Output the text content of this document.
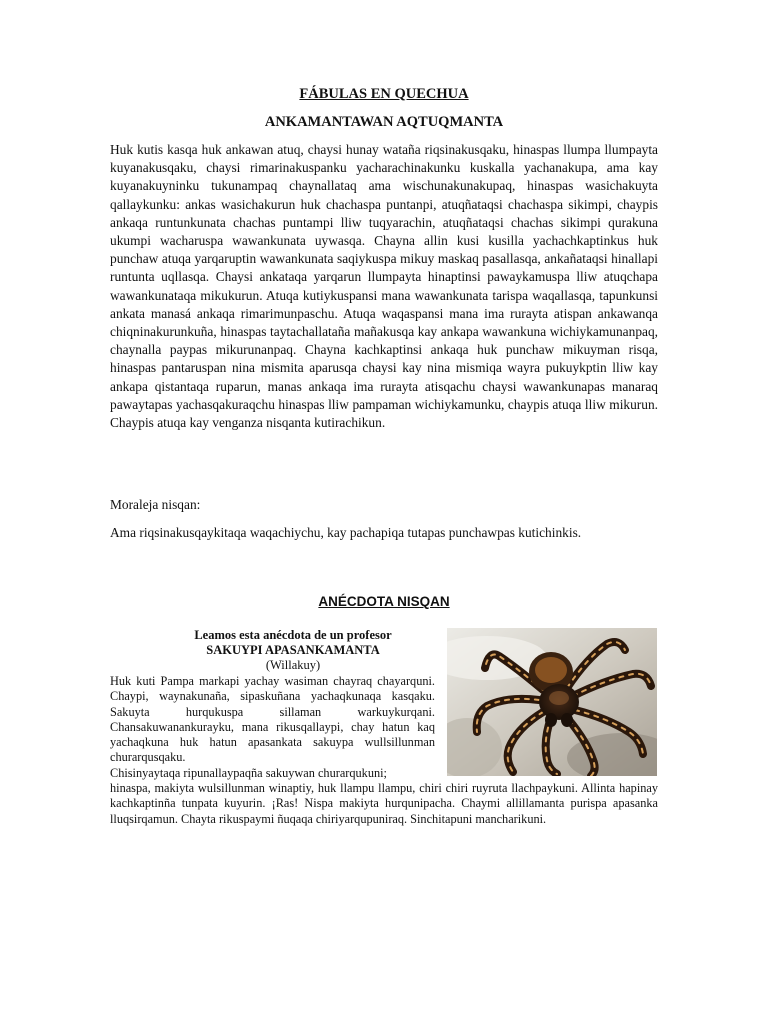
FÁBULAS EN QUECHUA
ANKAMANTAWAN AQTUQMANTA

Huk kutis kasqa huk ankawan atuq, chaysi hunay wataña riqsinakusqaku, hinaspas llumpa llumpayta kuyanakusqaku, chaysi rimarinakuspanku yacharachinakunku kuskalla yachanakupa, ama kay kuyanakuyninku tukunampaq chaynallataq ama wischunakunakupaq, hinaspas wasichakuyta qallaykunku: ankas wasichakurun huk chachaspa puntanpi, atuqñataqsi chachaspa sikimpi, chaypis ankaqa runtunkunata chachas puntampi lliw tuqyarachin, atuqñataqsi chachas sikimpi qurakuna ukumpi wacharuspa wawankunata uywasqa. Chayna allin kusi kusilla yachachkaptinkus huk punchaw atuqa yarqaruptin wawankunata saqiykuspa mikuy maskaq pasallasqa, ankañataqsi hinallapi runtunta uqllasqa. Chaysi ankataqa yarqarun llumpayta hinaptinsi pawaykamuspa lliw atuqchapa wawankunataqa mikukurun. Atuqa kutiykuspansi mana wawankunata tarispa waqallasqa, tapunkunsi ankata manasá ankaqa rimarimunpaschu. Atuqa waqaspansi mana ima rurayta atispan ankawanqa chiqninakurunkuña, hinaspas taytachallataña mañakusqa kay ankapa wawankuna wichiykamunanpaq, chaynalla paypas mikurunanpaq. Chayna kachkaptinsi ankaqa huk punchaw mikuyman risqa, hinaspas pantaruspan nina mismita aparusqa chaysi kay nina mismiqa wayra pukuykptin lliw kay ankapa qistantaqa ruparun, manas ankaqa ima rurayta atisqachu chaysi wawankunapas manaraq pawaytapas yachasqakuraqchu hinaspas lliw pampaman wichiykamunku, chaypis atuqa lliw mikurun. Chaypis atuqa kay venganza nisqanta kutirachikun.

Moraleja nisqan:

Ama riqsinakusqaykitaqa waqachiychu, kay pachapiqa tutapas punchawpas kutichinkis.

ANÉCDOTA NISQAN

Leamos esta anécdota de un profesor

SAKUYPI APASANKAMANTA

(Willakuy)

Huk kuti Pampa markapi yachay wasiman chayraq chayarquni. Chaypi, waynakunaña, sipaskuñana yachaqkunaqa kasqaku. Sakuyta hurqukuspa sillaman warkuykurqani. Chansakuwanankurayku, mana rikusqallaypi, chay hatun kaq yachaqkuna huk hatun apasankata sakuypa wullsillunman churarqusqaku.
Chisinyaytaqa ripunallaypaqña sakuywan churarqukuni;

hinaspa, makiyta wulsillunman winaptiy, huk llampu llampu, chiri chiri ruyruta llachpaykuni. Allinta hapinay kachkaptinña tunpata kuyurin. ¡Ras! Nispa makiyta hurqunipacha. Chaymi allillamanta purispa apasanka lluqsirqamun. Chayta rikuspaymi ñuqaqa chiriyarqupuniraq. Sinchitapuni mancharikuni.
